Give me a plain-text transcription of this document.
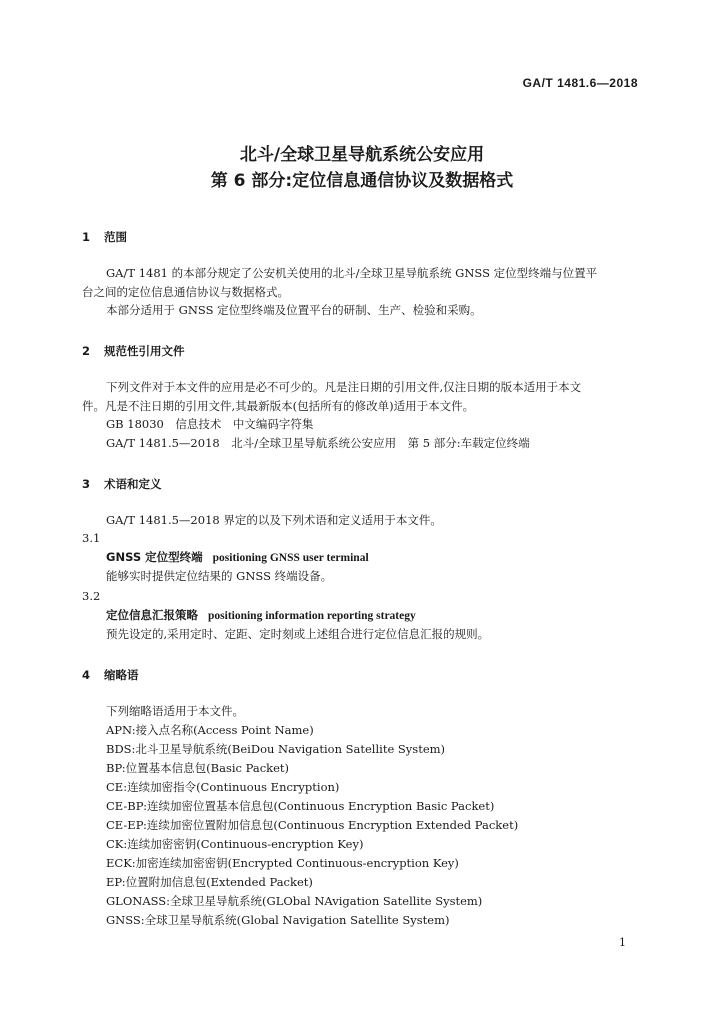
GA/T 1481.6—2018
北斗/全球卫星导航系统公安应用
第 6 部分:定位信息通信协议及数据格式
1 范围
GA/T 1481 的本部分规定了公安机关使用的北斗/全球卫星导航系统 GNSS 定位型终端与位置平
台之间的定位信息通信协议与数据格式。
本部分适用于 GNSS 定位型终端及位置平台的研制、生产、检验和采购。
2 规范性引用文件
下列文件对于本文件的应用是必不可少的。凡是注日期的引用文件,仅注日期的版本适用于本文
件。凡是不注日期的引用文件,其最新版本(包括所有的修改单)适用于本文件。
GB 18030　信息技术　中文编码字符集
GA/T 1481.5—2018　北斗/全球卫星导航系统公安应用　第 5 部分:车载定位终端
3 术语和定义
GA/T 1481.5—2018 界定的以及下列术语和定义适用于本文件。
3.1
GNSS 定位型终端 positioning GNSS user terminal
能够实时提供定位结果的 GNSS 终端设备。
3.2
定位信息汇报策略 positioning information reporting strategy
预先设定的,采用定时、定距、定时刻或上述组合进行定位信息汇报的规则。
4 缩略语
下列缩略语适用于本文件。
APN:接入点名称(Access Point Name)
BDS:北斗卫星导航系统(BeiDou Navigation Satellite System)
BP:位置基本信息包(Basic Packet)
CE:连续加密指令(Continuous Encryption)
CE-BP:连续加密位置基本信息包(Continuous Encryption Basic Packet)
CE-EP:连续加密位置附加信息包(Continuous Encryption Extended Packet)
CK:连续加密密钥(Continuous-encryption Key)
ECK:加密连续加密密钥(Encrypted Continuous-encryption Key)
EP:位置附加信息包(Extended Packet)
GLONASS:全球卫星导航系统(GLObal NAvigation Satellite System)
GNSS:全球卫星导航系统(Global Navigation Satellite System)
1
